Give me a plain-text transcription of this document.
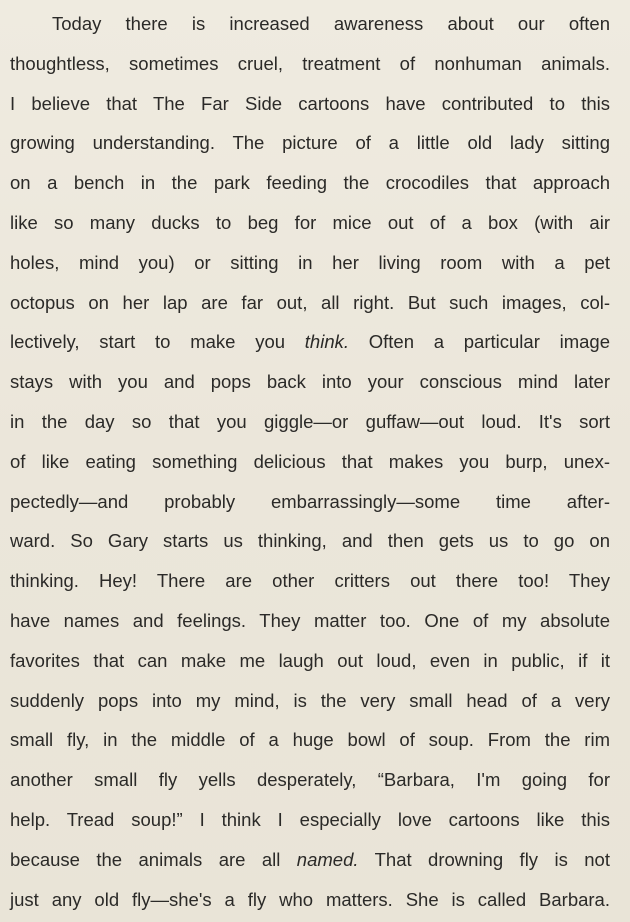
Today there is increased awareness about our often
thoughtless, sometimes cruel, treatment of nonhuman animals.
I believe that The Far Side cartoons have contributed to this
growing understanding. The picture of a little old lady sitting
on a bench in the park feeding the crocodiles that approach
like so many ducks to beg for mice out of a box (with air
holes, mind you) or sitting in her living room with a pet
octopus on her lap are far out, all right. But such images, col-
lectively, start to make you think. Often a particular image
stays with you and pops back into your conscious mind later
in the day so that you giggle—or guffaw—out loud. It's sort
of like eating something delicious that makes you burp, unex-
pectedly—and probably embarrassingly—some time after-
ward. So Gary starts us thinking, and then gets us to go on
thinking. Hey! There are other critters out there too! They
have names and feelings. They matter too. One of my absolute
favorites that can make me laugh out loud, even in public, if it
suddenly pops into my mind, is the very small head of a very
small fly, in the middle of a huge bowl of soup. From the rim
another small fly yells desperately, “Barbara, I'm going for
help. Tread soup!” I think I especially love cartoons like this
because the animals are all named. That drowning fly is not
just any old fly—she's a fly who matters. She is called Barbara.
